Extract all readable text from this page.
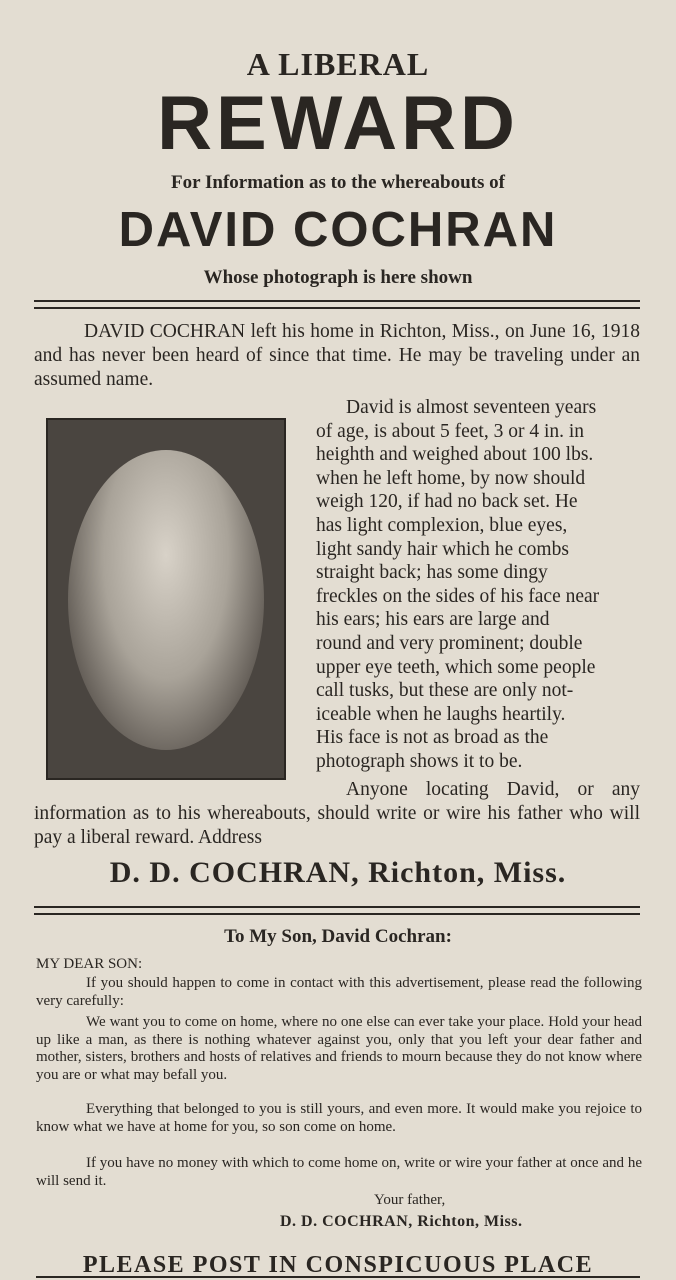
A LIBERAL
REWARD
For Information as to the whereabouts of
DAVID COCHRAN
Whose photograph is here shown
DAVID COCHRAN left his home in Richton, Miss., on June 16, 1918 and has never been heard of since that time. He may be traveling under an assumed name.
David is almost seventeen years
of age, is about 5 feet, 3 or 4 in. in
heighth and weighed about 100 lbs.
when he left home, by now should
weigh 120, if had no back set. He
has light complexion, blue eyes,
light sandy hair which he combs
straight back; has some dingy
freckles on the sides of his face near
his ears; his ears are large and
round and very prominent; double
upper eye teeth, which some people
call tusks, but these are only not-
iceable when he laughs heartily.
His face is not as broad as the
photograph shows it to be.
Anyone locating David, or any information as to his whereabouts, should write or wire his father who will pay a liberal reward. Address
D. D. COCHRAN, Richton, Miss.
To My Son, David Cochran:
MY DEAR SON:
If you should happen to come in contact with this advertisement, please read the following very carefully:
We want you to come on home, where no one else can ever take your place. Hold your head up like a man, as there is nothing whatever against you, only that you left your dear father and mother, sisters, brothers and hosts of relatives and friends to mourn because they do not know where you are or what may befall you.
Everything that belonged to you is still yours, and even more. It would make you rejoice to know what we have at home for you, so son come on home.
If you have no money with which to come home on, write or wire your father at once and he will send it.
Your father,
D. D. COCHRAN, Richton, Miss.
PLEASE POST IN CONSPICUOUS PLACE
